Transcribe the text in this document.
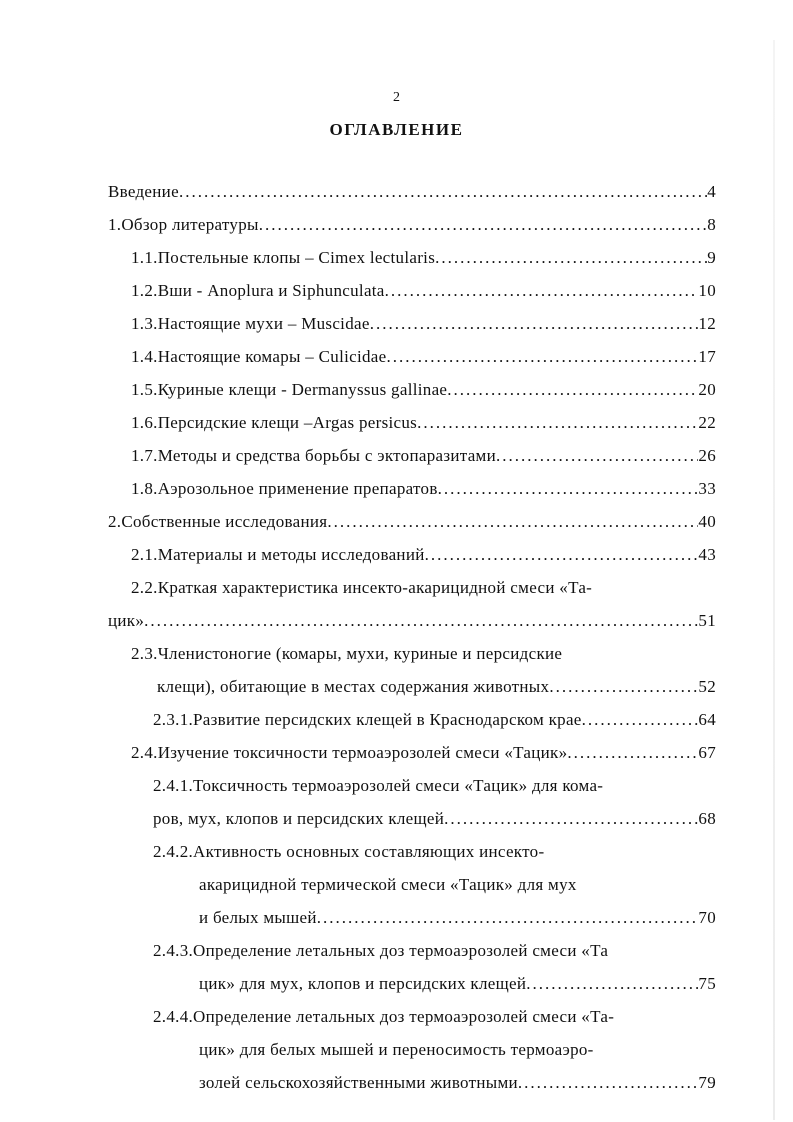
2
ОГЛАВЛЕНИЕ
Введение .....	4
1.Обзор литературы .....	8
1.1.Постельные клопы – Cimex lectularis .....	9
1.2.Вши - Anoplura и Siphunculata .....	10
1.3.Настоящие мухи – Muscidae .....	12
1.4.Настоящие комары – Culicidae .....	17
1.5.Куриные клещи - Dermanyssus gallinae .....	20
1.6.Персидские клещи –Argas persicus .....	22
1.7.Методы и средства борьбы с эктопаразитами .....	26
1.8.Аэрозольное применение препаратов .....	33
2.Собственные исследования .....	40
2.1.Материалы и методы исследований .....	43
2.2.Краткая характеристика инсекто-акарицидной смеси «Та-
цик» .....	51
2.3.Членистоногие (комары, мухи, куриные и персидские
клещи), обитающие в местах содержания животных .....	52
2.3.1.Развитие персидских клещей в Краснодарском крае .....	64
2.4.Изучение токсичности термоаэрозолей смеси «Тацик» .....	67
2.4.1.Токсичность термоаэрозолей смеси «Тацик» для кома-
ров, мух, клопов и персидских клещей .....	68
2.4.2.Активность основных составляющих инсекто-
акарицидной термической смеси «Тацик» для мух
и белых мышей .....	70
2.4.3.Определение летальных доз термоаэрозолей смеси «Та
цик» для мух, клопов и персидских клещей .....	75
2.4.4.Определение летальных доз термоаэрозолей смеси «Та-
цик» для белых мышей и переносимость термоаэро-
золей сельскохозяйственными животными .....	79
